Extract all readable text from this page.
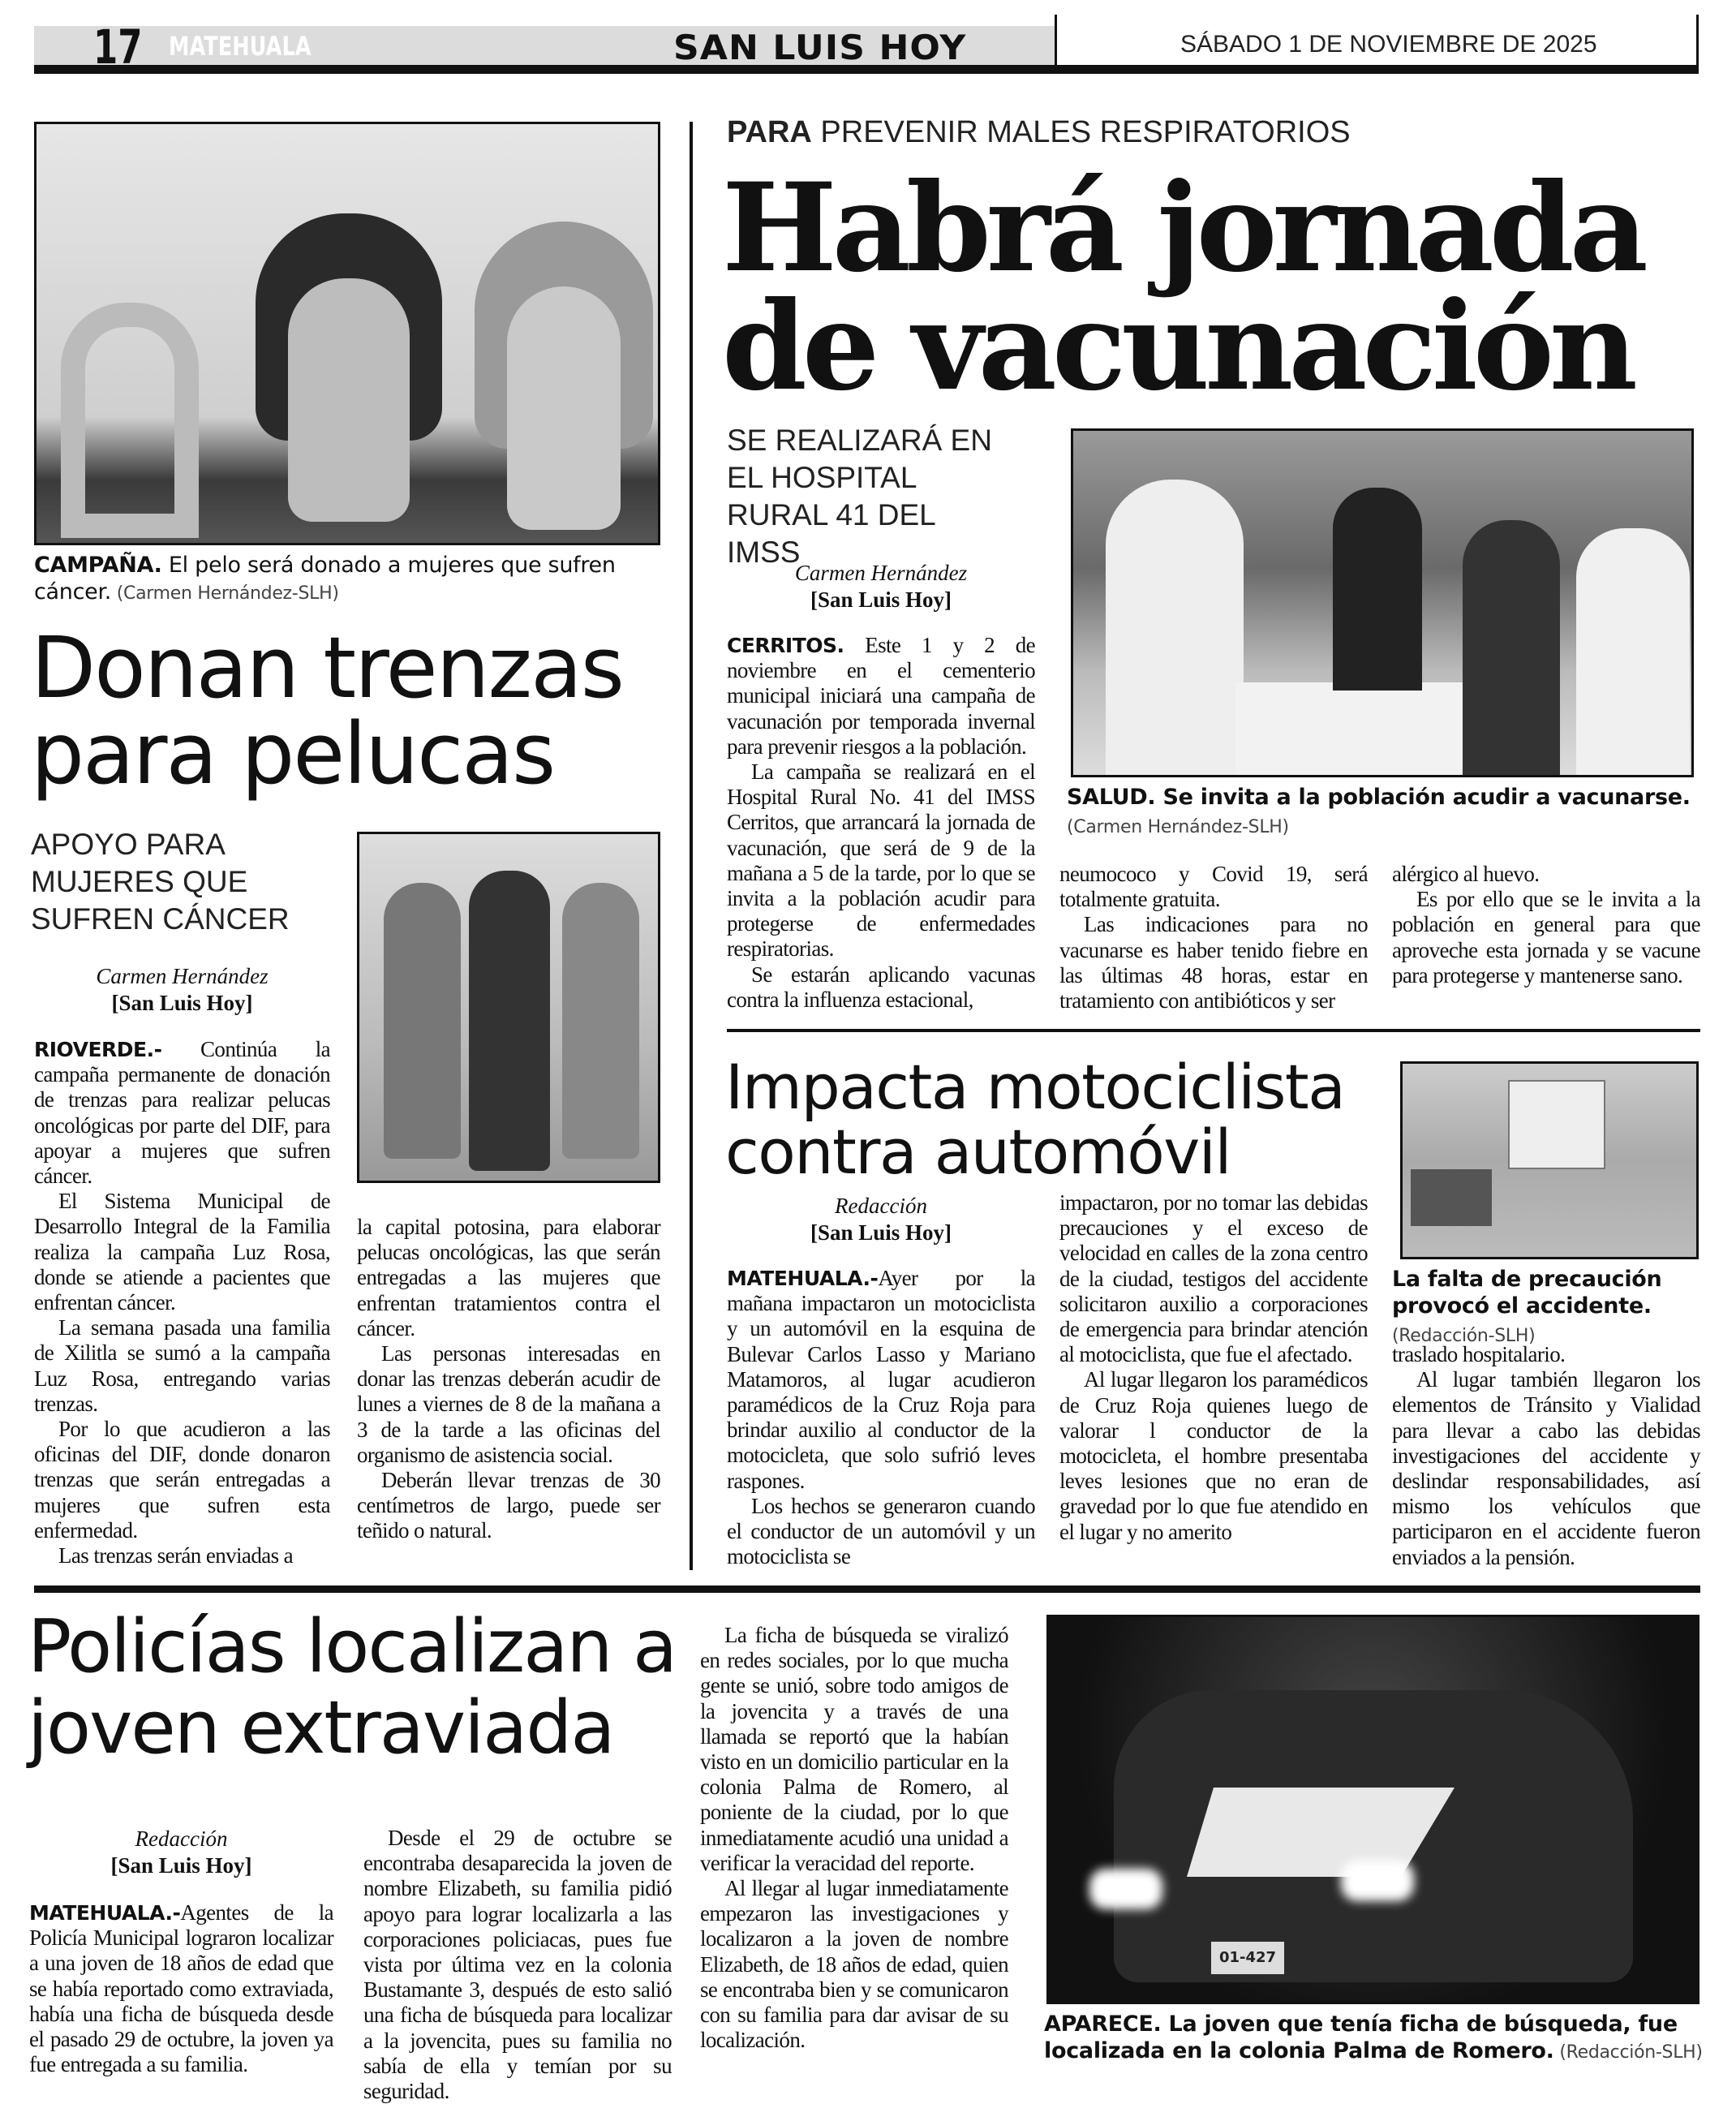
17 MATEHUALA	SAN LUIS HOY	SÁBADO 1 DE NOVIEMBRE DE 2025
CAMPAÑA. El pelo será donado a mujeres que sufren cáncer. (Carmen Hernández-SLH)
Donan trenzas para pelucas
APOYO PARA MUJERES QUE SUFREN CÁNCER
Carmen Hernández
[San Luis Hoy]

RIOVERDE.- Continúa la campaña permanente de donación de trenzas para realizar pelucas oncológicas por parte del DIF, para apoyar a mujeres que sufren cáncer.

El Sistema Municipal de Desarrollo Integral de la Familia realiza la campaña Luz Rosa, donde se atiende a pacientes que enfrentan cáncer.

La semana pasada una familia de Xilitla se sumó a la campaña Luz Rosa, entregando varias trenzas.

Por lo que acudieron a las oficinas del DIF, donde donaron trenzas que serán entregadas a mujeres que sufren esta enfermedad.

Las trenzas serán enviadas a

la capital potosina, para elaborar pelucas oncológicas, las que serán entregadas a las mujeres que enfrentan tratamientos contra el cáncer.

Las personas interesadas en donar las trenzas deberán acudir de lunes a viernes de 8 de la mañana a 3 de la tarde a las oficinas del organismo de asistencia social.

Deberán llevar trenzas de 30 centímetros de largo, puede ser teñido o natural.

PARA PREVENIR MALES RESPIRATORIOS
Habrá jornada de vacunación
SE REALIZARÁ EN EL HOSPITAL RURAL 41 DEL IMSS
Carmen Hernández
[San Luis Hoy]
SALUD. Se invita a la población acudir a vacunarse. (Carmen Hernández-SLH)

CERRITOS. Este 1 y 2 de noviembre en el cementerio municipal iniciará una campaña de vacunación por temporada invernal para prevenir riesgos a la población.

La campaña se realizará en el Hospital Rural No. 41 del IMSS Cerritos, que arrancará la jornada de vacunación, que será de 9 de la mañana a 5 de la tarde, por lo que se invita a la población acudir para protegerse de enfermedades respiratorias.

Se estarán aplicando vacunas contra la influenza estacional,

neumococo y Covid 19, será totalmente gratuita.

Las indicaciones para no vacunarse es haber tenido fiebre en las últimas 48 horas, estar en tratamiento con antibióticos y ser

alérgico al huevo.

Es por ello que se le invita a la población en general para que aproveche esta jornada y se vacune para protegerse y mantenerse sano.

Impacta motociclista contra automóvil
Redacción
[San Luis Hoy]
La falta de precaución provocó el accidente. (Redacción-SLH)

MATEHUALA.-Ayer por la mañana impactaron un motociclista y un automóvil en la esquina de Bulevar Carlos Lasso y Mariano Matamoros, al lugar acudieron paramédicos de la Cruz Roja para brindar auxilio al conductor de la motocicleta, que solo sufrió leves raspones.

Los hechos se generaron cuando el conductor de un automóvil y un motociclista se

impactaron, por no tomar las debidas precauciones y el exceso de velocidad en calles de la zona centro de la ciudad, testigos del accidente solicitaron auxilio a corporaciones de emergencia para brindar atención al motociclista, que fue el afectado.

Al lugar llegaron los paramédicos de Cruz Roja quienes luego de valorar l conductor de la motocicleta, el hombre presentaba leves lesiones que no eran de gravedad por lo que fue atendido en el lugar y no amerito

traslado hospitalario.

Al lugar también llegaron los elementos de Tránsito y Vialidad para llevar a cabo las debidas investigaciones del accidente y deslindar responsabilidades, así mismo los vehículos que participaron en el accidente fueron enviados a la pensión.

Policías localizan a joven extraviada
Redacción
[San Luis Hoy]

MATEHUALA.-Agentes de la Policía Municipal lograron localizar a una joven de 18 años de edad que se había reportado como extraviada, había una ficha de búsqueda desde el pasado 29 de octubre, la joven ya fue entregada a su familia.

Desde el 29 de octubre se encontraba desaparecida la joven de nombre Elizabeth, su familia pidió apoyo para lograr localizarla a las corporaciones policiacas, pues fue vista por última vez en la colonia Bustamante 3, después de esto salió una ficha de búsqueda para localizar a la jovencita, pues su familia no sabía de ella y temían por su seguridad.

La ficha de búsqueda se viralizó en redes sociales, por lo que mucha gente se unió, sobre todo amigos de la jovencita y a través de una llamada se reportó que la habían visto en un domicilio particular en la colonia Palma de Romero, al poniente de la ciudad, por lo que inmediatamente acudió una unidad a verificar la veracidad del reporte.

Al llegar al lugar inmediatamente empezaron las investigaciones y localizaron a la joven de nombre Elizabeth, de 18 años de edad, quien se encontraba bien y se comunicaron con su familia para dar avisar de su localización.

01-427
APARECE. La joven que tenía ficha de búsqueda, fue localizada en la colonia Palma de Romero. (Redacción-SLH)
